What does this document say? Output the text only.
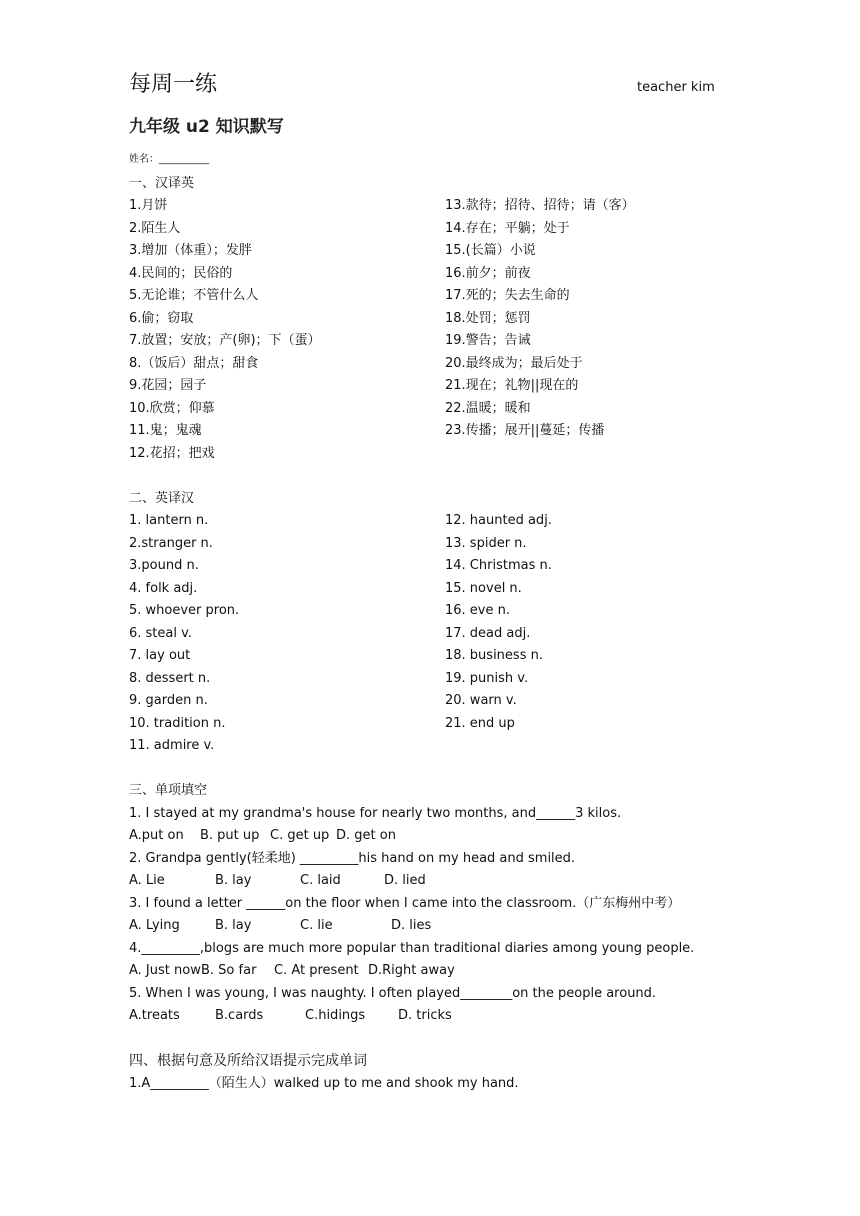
每周一练	teacher kim
九年级 u2 知识默写
姓名：__________
一、汉译英
1.月饼
2.陌生人
3.增加（体重）；发胖
4.民间的；民俗的
5.无论谁；不管什么人
6.偷；窃取
7.放置；安放；产(卵)；下（蛋）
8.（饭后）甜点；甜食
9.花园；园子
10.欣赏；仰慕
11.鬼；鬼魂
12.花招；把戏
13.款待；招待、招待；请（客）
14.存在；平躺；处于
15.(长篇）小说
16.前夕；前夜
17.死的；失去生命的
18.处罚；惩罚
19.警告；告诫
20.最终成为；最后处于
21.现在；礼物||现在的
22.温暖；暖和
23.传播；展开||蔓延；传播
二、英译汉
1. lantern n.
2.stranger n.
3.pound n.
4. folk adj.
5. whoever pron.
6. steal v.
7. lay out
8. dessert n.
9. garden n.
10. tradition n.
11. admire v.
12. haunted adj.
13. spider n.
14. Christmas n.
15. novel n.
16. eve n.
17. dead adj.
18. business n.
19. punish v.
20. warn v.
21. end up
三、单项填空
1. I stayed at my grandma's house for nearly two months, and______3 kilos.
A.put on B. put up C. get up D. get on
2. Grandpa gently(轻柔地) _________his hand on my head and smiled.
A. Lie	B. lay	C. laid	D. lied
3. I found a letter ______on the floor when I came into the classroom.（广东梅州中考）
A. Lying	B. lay	C. lie	D. lies
4._________,blogs are much more popular than traditional diaries among young people.
A. Just nowB. So far C. At present D.Right away
5. When I was young, I was naughty. I often played________on the people around.
A.treats	B.cards	C.hidings	D. tricks
四、根据句意及所给汉语提示完成单词
1.A_________（陌生人）walked up to me and shook my hand.
